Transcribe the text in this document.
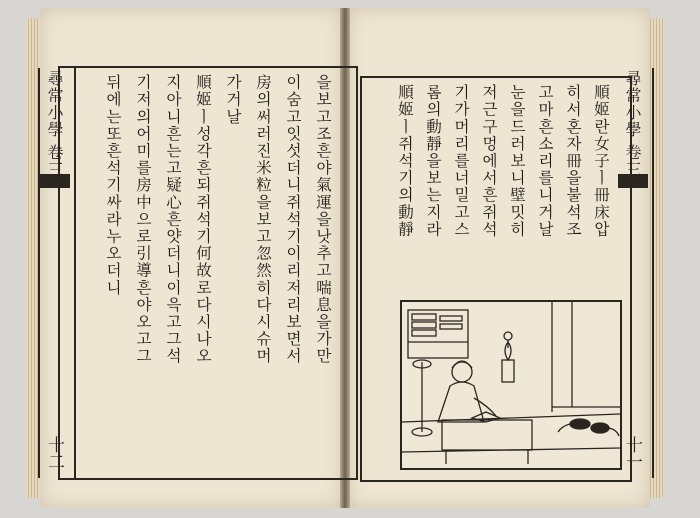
尋常小學 卷三
十二
尋常小學 卷三
十一
을보고조흔야氣運을낫추고喘息을가만
이숨고잇섯더니쥐석기이리저리보면서
房의써러진米粒을보고忽然히다시슈머
가거날
順姬ㅣ성각흔되쥐석기何故로다시나오
지아니흔는고疑心흔얏더니이윽고그석
기저의어미를房中으로引導흔야오고그
뒤에는또흔석기싸라누오더니	順姬란女子ㅣ冊床압
히서혼자冊을불석조
고마흔소리를니거날
눈을드러보니壁밋히
저근구멍에서흔쥐석
기가머리를너밀고스
롬의動靜을보는지라
順姬ㅣ쥐석기의動靜
